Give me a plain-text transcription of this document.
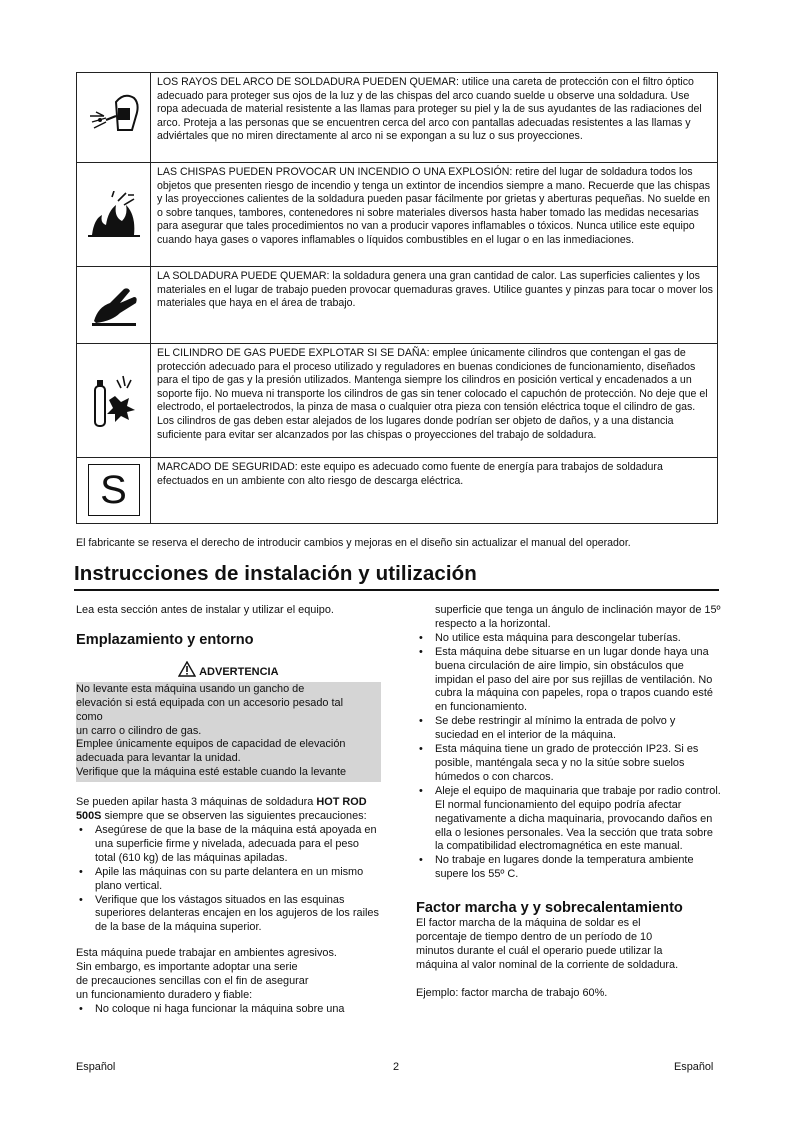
	LOS RAYOS DEL ARCO DE SOLDADURA PUEDEN QUEMAR: utilice una careta de protección con el filtro óptico adecuado para proteger sus ojos de la luz y de las chispas del arco cuando suelde u observe una soldadura. Use ropa adecuada de material resistente a las llamas para proteger su piel y la de sus ayudantes de las radiaciones del arco. Proteja a las personas que se encuentren cerca del arco con pantallas adecuadas resistentes a las llamas y adviértales que no miren directamente al arco ni se expongan a su luz o sus proyecciones.

	LAS CHISPAS PUEDEN PROVOCAR UN INCENDIO O UNA EXPLOSIÓN: retire del lugar de soldadura todos los objetos que presenten riesgo de incendio y tenga un extintor de incendios siempre a mano. Recuerde que las chispas y las proyecciones calientes de la soldadura pueden pasar fácilmente por grietas y aberturas pequeñas. No suelde en o sobre tanques, tambores, contenedores ni sobre materiales diversos hasta haber tomado las medidas necesarias para asegurar que tales procedimientos no van a producir vapores inflamables o tóxicos. Nunca utilice este equipo cuando haya gases o vapores inflamables o líquidos combustibles en el lugar o en las inmediaciones.

	LA SOLDADURA PUEDE QUEMAR: la soldadura genera una gran cantidad de calor. Las superficies calientes y los materiales en el lugar de trabajo pueden provocar quemaduras graves. Utilice guantes y pinzas para tocar o mover los materiales que haya en el área de trabajo.

	EL CILINDRO DE GAS PUEDE EXPLOTAR SI SE DAÑA: emplee únicamente cilindros que contengan el gas de protección adecuado para el proceso utilizado y reguladores en buenas condiciones de funcionamiento, diseñados para el tipo de gas y la presión utilizados. Mantenga siempre los cilindros en posición vertical y encadenados a un soporte fijo. No mueva ni transporte los cilindros de gas sin tener colocado el capuchón de protección. No deje que el electrodo, el portaelectrodos, la pinza de masa o cualquier otra pieza con tensión eléctrica toque el cilindro de gas. Los cilindros de gas deben estar alejados de los lugares donde podrían ser objeto de daños, y a una distancia suficiente para evitar ser alcanzados por las chispas o proyecciones del trabajo de soldadura.

S	MARCADO DE SEGURIDAD: este equipo es adecuado como fuente de energía para trabajos de soldadura efectuados en un ambiente con alto riesgo de descarga eléctrica.
El fabricante se reserva el derecho de introducir cambios y mejoras en el diseño sin actualizar el manual del operador.
Instrucciones de instalación y utilización
Lea esta sección antes de instalar y utilizar el equipo.
Emplazamiento y entorno
ADVERTENCIA
No levante esta máquina usando un gancho de
elevación si está equipada con un accesorio pesado tal
como
un carro o cilindro de gas.
Emplee únicamente equipos de capacidad de elevación
adecuada para levantar la unidad.
Verifique que la máquina esté estable cuando la levante
Se pueden apilar hasta 3 máquinas de soldadura HOT ROD 500S siempre que se observen las siguientes precauciones:
• Asegúrese de que la base de la máquina está apoyada en una superficie firme y nivelada, adecuada para el peso total (610 kg) de las máquinas apiladas.
• Apile las máquinas con su parte delantera en un mismo plano vertical.
• Verifique que los vástagos situados en las esquinas superiores delanteras encajen en los agujeros de los railes de la base de la máquina superior.
Esta máquina puede trabajar en ambientes agresivos.
Sin embargo, es importante adoptar una serie
de precauciones sencillas con el fin de asegurar
un funcionamiento duradero y fiable:
• No coloque ni haga funcionar la máquina sobre una
superficie que tenga un ángulo de inclinación mayor de 15º respecto a la horizontal.
• No utilice esta máquina para descongelar tuberías.
• Esta máquina debe situarse en un lugar donde haya una buena circulación de aire limpio, sin obstáculos que impidan el paso del aire por sus rejillas de ventilación. No cubra la máquina con papeles, ropa o trapos cuando esté en funcionamiento.
• Se debe restringir al mínimo la entrada de polvo y suciedad en el interior de la máquina.
• Esta máquina tiene un grado de protección IP23. Si es posible, manténgala seca y no la sitúe sobre suelos húmedos o con charcos.
• Aleje el equipo de maquinaria que trabaje por radio control. El normal funcionamiento del equipo podría afectar negativamente a dicha maquinaria, provocando daños en ella o lesiones personales. Vea la sección que trata sobre la compatibilidad electromagnética en este manual.
• No trabaje en lugares donde la temperatura ambiente supere los 55º C.
Factor marcha y y sobrecalentamiento
El factor marcha de la máquina de soldar es el
porcentaje de tiempo dentro de un período de 10
minutos durante el cuál el operario puede utilizar la
máquina al valor nominal de la corriente de soldadura.
Ejemplo: factor marcha de trabajo 60%.
Español	2	Español
